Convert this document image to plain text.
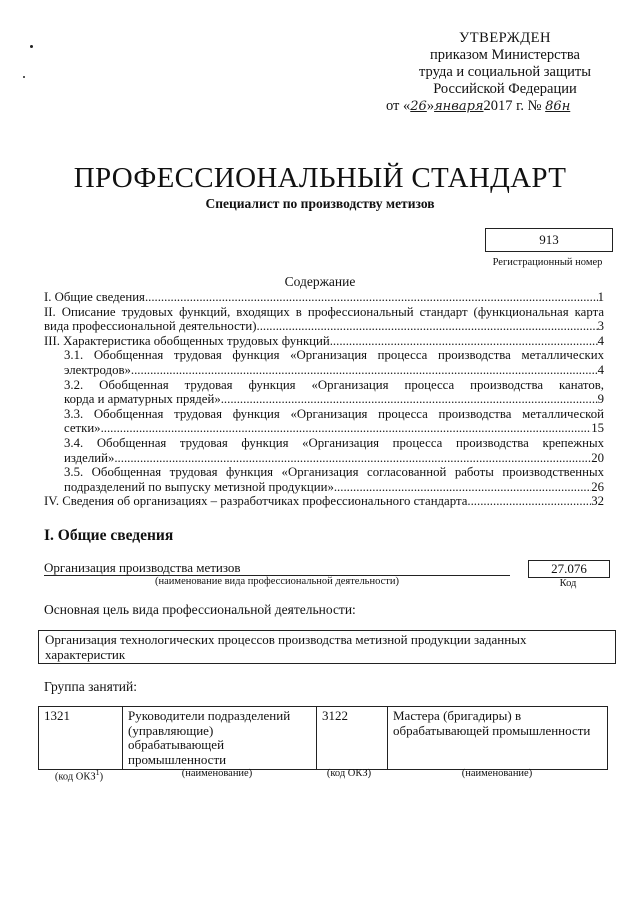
УТВЕРЖДЕН
приказом Министерства
труда и социальной защиты
Российской Федерации
от «26»января2017 г. № 86н
ПРОФЕССИОНАЛЬНЫЙ СТАНДАРТ
Специалист по производству метизов
913
Регистрационный номер
Содержание
I. Общие сведения .....	1
II. Описание трудовых функций, входящих в профессиональный стандарт (функциональная карта
вида профессиональной деятельности) .....	3
III. Характеристика обобщенных трудовых функций .....	4
3.1. Обобщенная трудовая функция «Организация процесса производства металлических
электродов» .....	4
3.2. Обобщенная трудовая функция «Организация процесса производства канатов,
корда и арматурных прядей» .....	9
3.3. Обобщенная трудовая функция «Организация процесса производства металлической
сетки» .....	15
3.4. Обобщенная трудовая функция «Организация процесса производства крепежных
изделий» .....	20
3.5. Обобщенная трудовая функция «Организация согласованной работы производственных
подразделений по выпуску метизной продукции» .....	26
IV. Сведения об организациях – разработчиках профессионального стандарта .....	32
I. Общие сведения
Организация производства метизов
(наименование вида профессиональной деятельности)
27.076
Код
Основная цель вида профессиональной деятельности:
Организация технологических процессов производства метизной продукции заданных
характеристик
Группа занятий:
1321	Руководители подразделений (управляющие) обрабатывающей промышленности	3122	Мастера (бригадиры) в обрабатывающей промышленности
(код ОКЗ$^1$)	(наименование)	(код ОКЗ)	(наименование)
